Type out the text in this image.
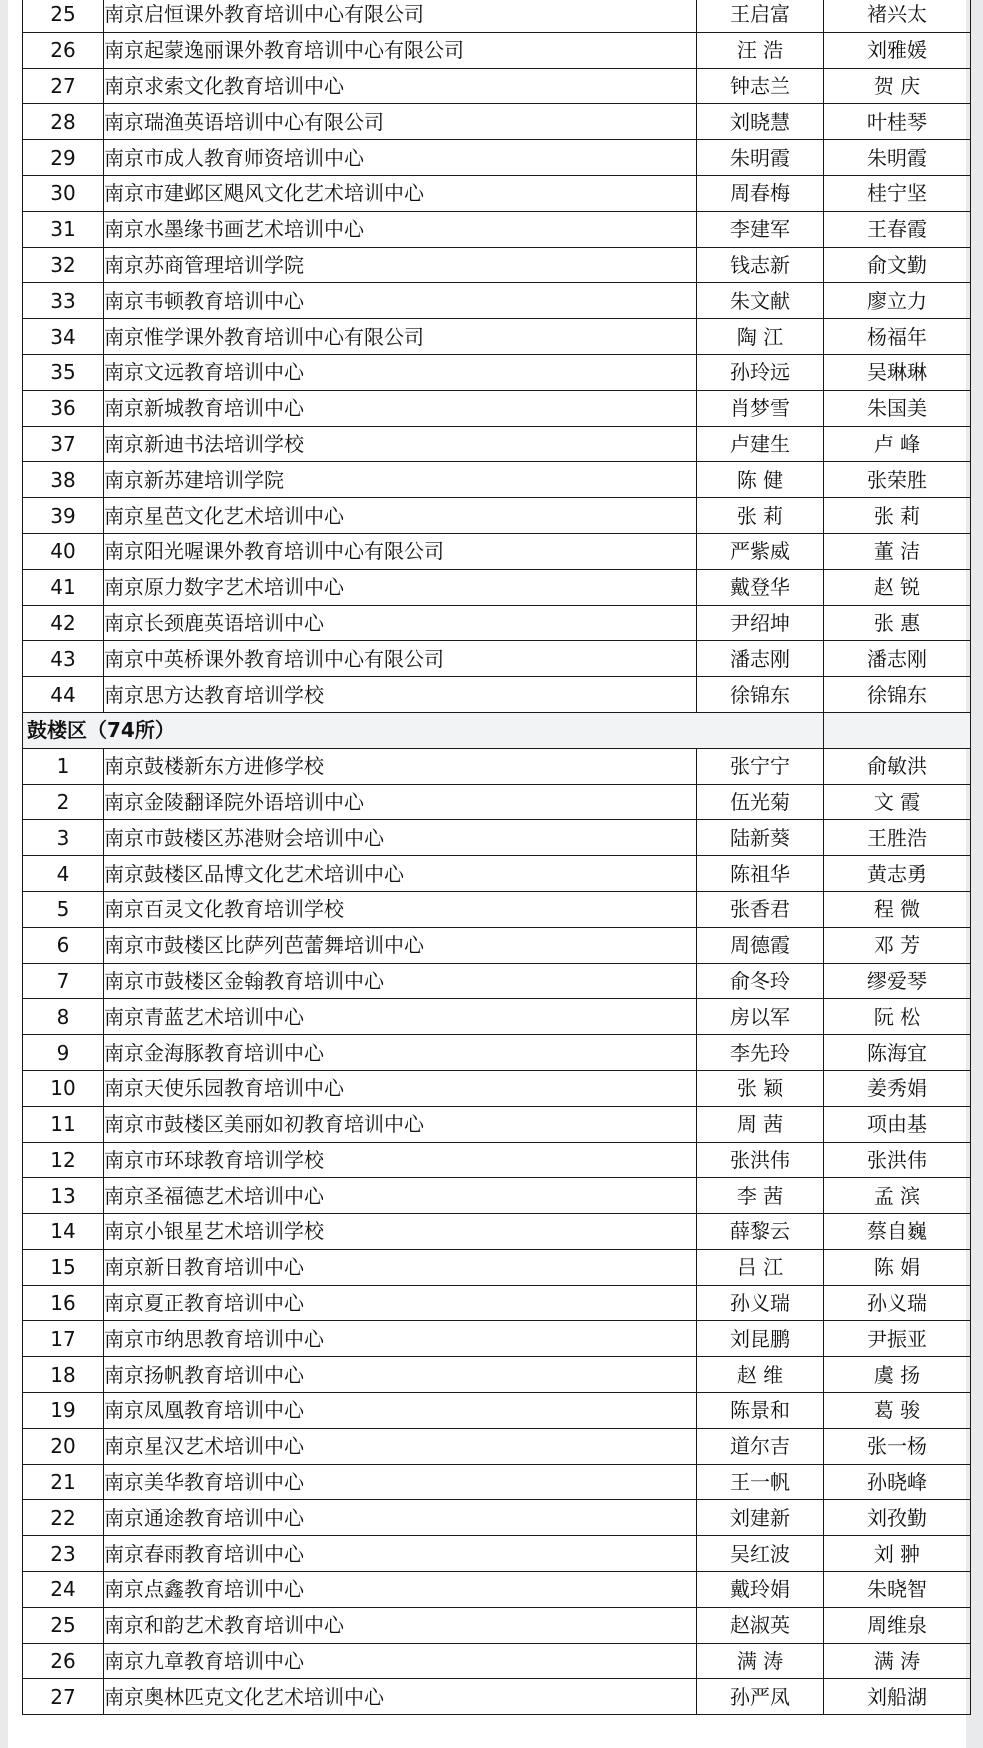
25	南京启恒课外教育培训中心有限公司	王启富	褚兴太
26	南京起蒙逸丽课外教育培训中心有限公司	汪 浩	刘雅媛
27	南京求索文化教育培训中心	钟志兰	贺 庆
28	南京瑞渔英语培训中心有限公司	刘晓慧	叶桂琴
29	南京市成人教育师资培训中心	朱明霞	朱明霞
30	南京市建邺区飓风文化艺术培训中心	周春梅	桂宁坚
31	南京水墨缘书画艺术培训中心	李建军	王春霞
32	南京苏商管理培训学院	钱志新	俞文勤
33	南京韦顿教育培训中心	朱文献	廖立力
34	南京惟学课外教育培训中心有限公司	陶 江	杨福年
35	南京文远教育培训中心	孙玲远	吴琳琳
36	南京新城教育培训中心	肖梦雪	朱国美
37	南京新迪书法培训学校	卢建生	卢 峰
38	南京新苏建培训学院	陈 健	张荣胜
39	南京星芭文化艺术培训中心	张 莉	张 莉
40	南京阳光喔课外教育培训中心有限公司	严紫威	董 洁
41	南京原力数字艺术培训中心	戴登华	赵 锐
42	南京长颈鹿英语培训中心	尹绍坤	张 惠
43	南京中英桥课外教育培训中心有限公司	潘志刚	潘志刚
44	南京思方达教育培训学校	徐锦东	徐锦东
鼓楼区（74所）			
1	南京鼓楼新东方进修学校	张宁宁	俞敏洪
2	南京金陵翻译院外语培训中心	伍光菊	文 霞
3	南京市鼓楼区苏港财会培训中心	陆新葵	王胜浩
4	南京鼓楼区品博文化艺术培训中心	陈祖华	黄志勇
5	南京百灵文化教育培训学校	张香君	程 微
6	南京市鼓楼区比萨列芭蕾舞培训中心	周德霞	邓 芳
7	南京市鼓楼区金翰教育培训中心	俞冬玲	缪爱琴
8	南京青蓝艺术培训中心	房以军	阮 松
9	南京金海豚教育培训中心	李先玲	陈海宜
10	南京天使乐园教育培训中心	张 颖	姜秀娟
11	南京市鼓楼区美丽如初教育培训中心	周 茜	项由基
12	南京市环球教育培训学校	张洪伟	张洪伟
13	南京圣福德艺术培训中心	李 茜	孟 滨
14	南京小银星艺术培训学校	薛黎云	蔡自巍
15	南京新日教育培训中心	吕 江	陈 娟
16	南京夏正教育培训中心	孙义瑞	孙义瑞
17	南京市纳思教育培训中心	刘昆鹏	尹振亚
18	南京扬帆教育培训中心	赵 维	虞 扬
19	南京凤凰教育培训中心	陈景和	葛 骏
20	南京星汉艺术培训中心	道尔吉	张一杨
21	南京美华教育培训中心	王一帆	孙晓峰
22	南京通途教育培训中心	刘建新	刘孜勤
23	南京春雨教育培训中心	吴红波	刘 翀
24	南京点鑫教育培训中心	戴玲娟	朱晓智
25	南京和韵艺术教育培训中心	赵淑英	周维泉
26	南京九章教育培训中心	满 涛	满 涛
27	南京奥林匹克文化艺术培训中心	孙严凤	刘船湖
